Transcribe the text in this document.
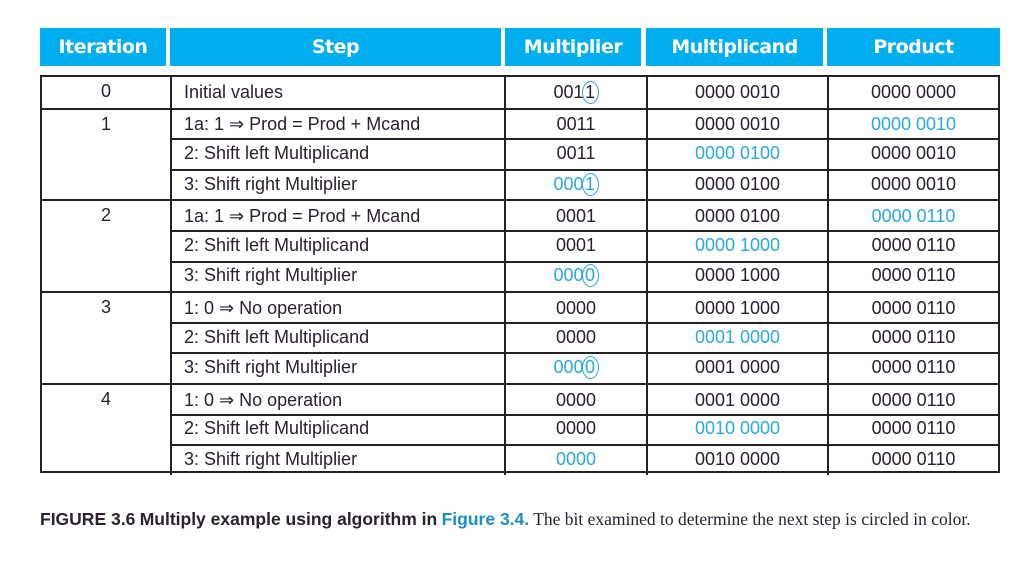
Iteration	Step	Multiplier	Multiplicand	Product
0	Initial values	001 1	0000 0010	0000 0000
1	1a: 1 ⇒ Prod = Prod + Mcand	0011	0000 0010	0000 0010
2: Shift left Multiplicand	0011	0000 0100	0000 0010
3: Shift right Multiplier	000 1	0000 0100	0000 0010
2	1a: 1 ⇒ Prod = Prod + Mcand	0001	0000 0100	0000 0110
2: Shift left Multiplicand	0001	0000 1000	0000 0110
3: Shift right Multiplier	000 0	0000 1000	0000 0110
3	1: 0 ⇒ No operation	0000	0000 1000	0000 0110
2: Shift left Multiplicand	0000	0001 0000	0000 0110
3: Shift right Multiplier	000 0	0001 0000	0000 0110
4	1: 0 ⇒ No operation	0000	0001 0000	0000 0110
2: Shift left Multiplicand	0000	0010 0000	0000 0110
3: Shift right Multiplier	0000	0010 0000	0000 0110
FIGURE 3.6 Multiply example using algorithm in Figure 3.4. The bit examined to determine the next step is circled in color.
